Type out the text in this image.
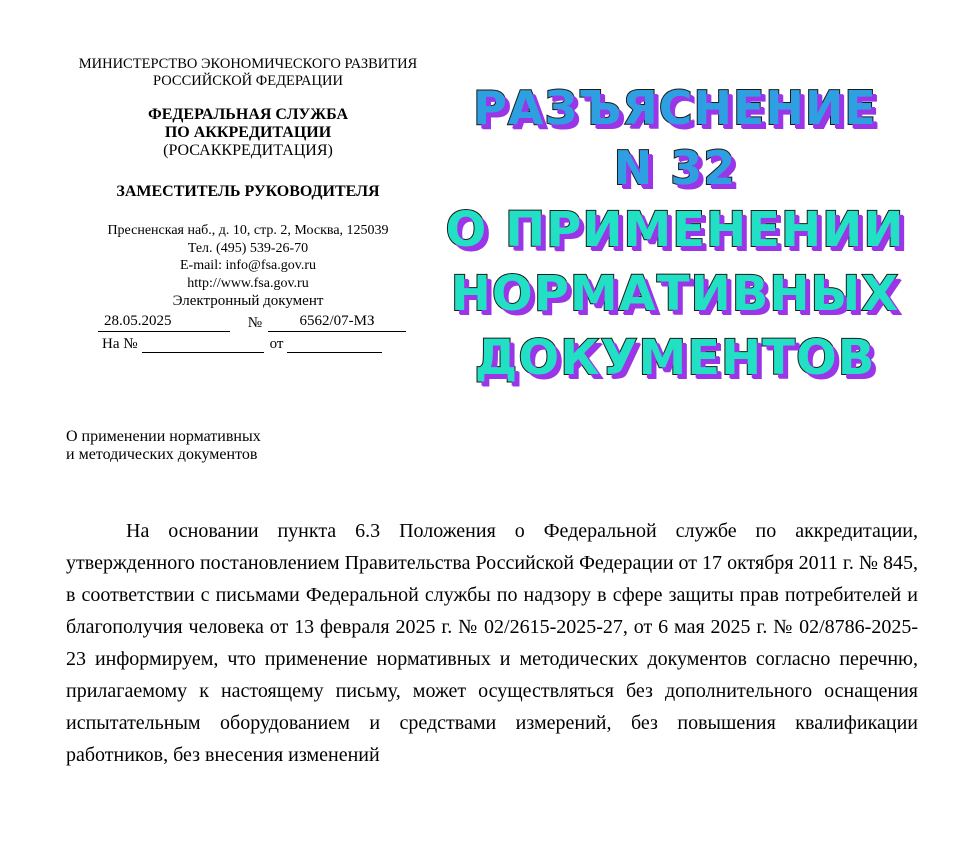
МИНИСТЕРСТВО ЭКОНОМИЧЕСКОГО РАЗВИТИЯ
РОССИЙСКОЙ ФЕДЕРАЦИИ
ФЕДЕРАЛЬНАЯ СЛУЖБА
ПО АККРЕДИТАЦИИ
(РОСАККРЕДИТАЦИЯ)
ЗАМЕСТИТЕЛЬ РУКОВОДИТЕЛЯ
Пресненская наб., д. 10, стр. 2, Москва, 125039
Тел. (495) 539-26-70
E-mail: info@fsa.gov.ru
http://www.fsa.gov.ru
Электронный документ
28.05.2025	№	6562/07-МЗ
На №	от
О применении нормативных
и методических документов
РАЗЪЯСНЕНИЕ
N 32
О ПРИМЕНЕНИИ
НОРМАТИВНЫХ
ДОКУМЕНТОВ

На основании пункта 6.3 Положения о Федеральной службе по аккредитации, утвержденного постановлением Правительства Российской Федерации от 17 октября 2011 г. № 845, в соответствии с письмами Федеральной службы по надзору в сфере защиты прав потребителей и благополучия человека от 13 февраля 2025 г. № 02/2615-2025-27, от 6 мая 2025 г. № 02/8786-2025-23 информируем, что применение нормативных и методических документов согласно перечню, прилагаемому к настоящему письму, может осуществляться без дополнительного оснащения испытательным оборудованием и средствами измерений, без повышения квалификации работников, без внесения изменений
